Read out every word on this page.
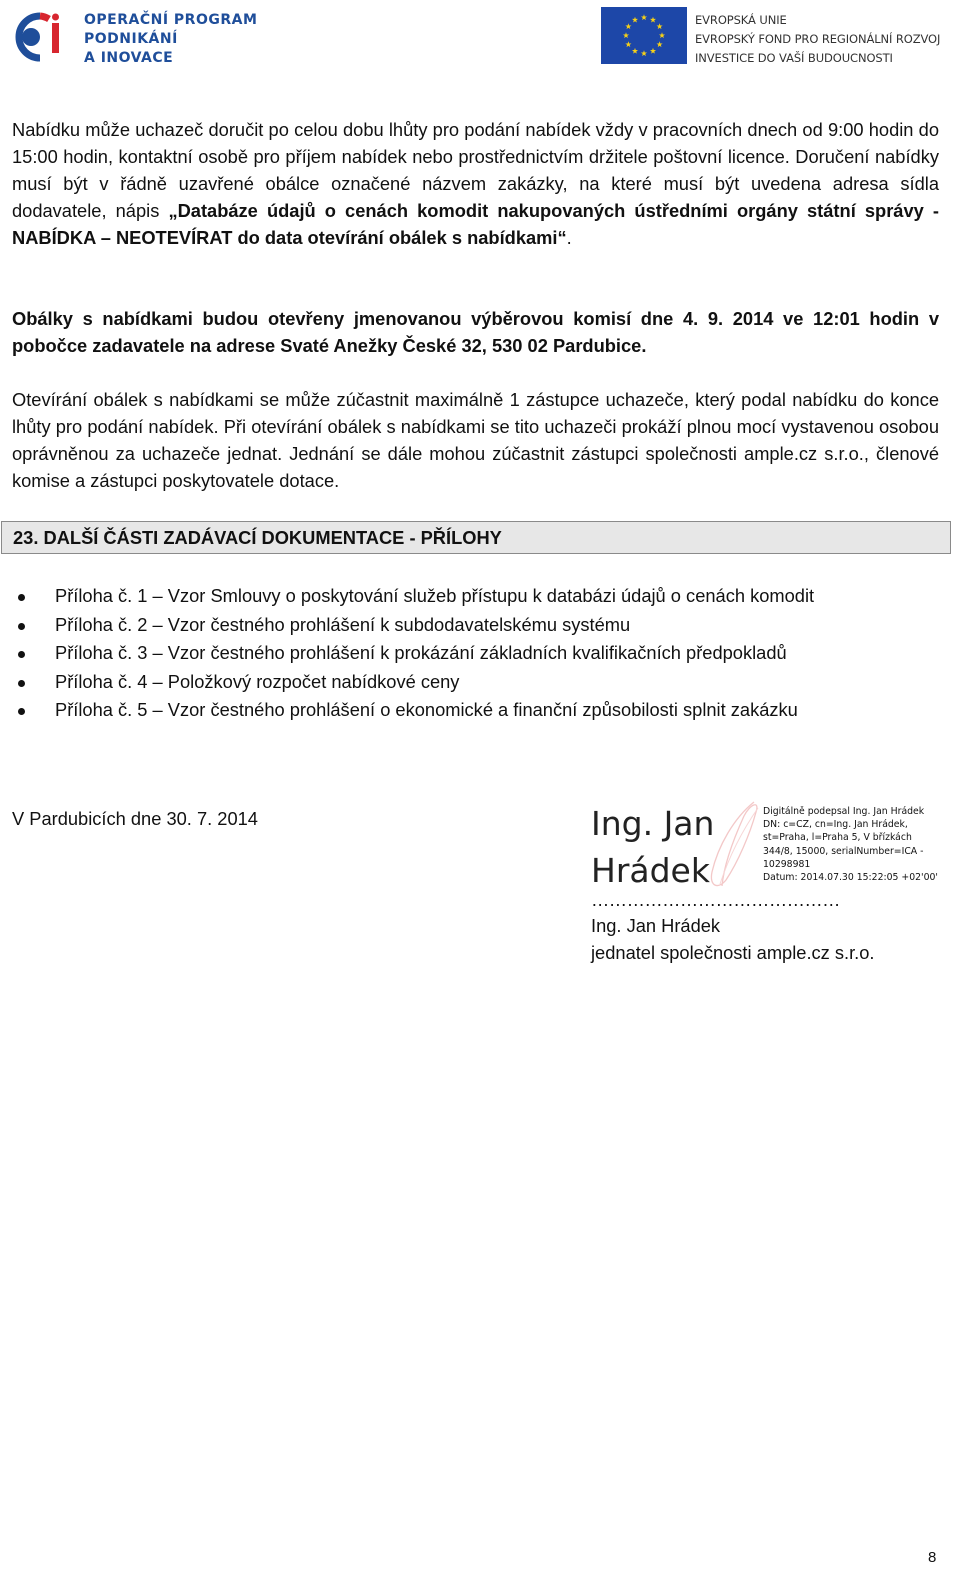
OPERAČNÍ PROGRAM
PODNIKÁNÍ
A INOVACE
EVROPSKÁ UNIE
EVROPSKÝ FOND PRO REGIONÁLNÍ ROZVOJ
INVESTICE DO VAŠÍ BUDOUCNOSTI
Nabídku může uchazeč doručit po celou dobu lhůty pro podání nabídek vždy v pracovních dnech od 9:00 hodin do 15:00 hodin, kontaktní osobě pro příjem nabídek nebo prostřednictvím držitele poštovní licence. Doručení nabídky musí být v řádně uzavřené obálce označené názvem zakázky, na které musí být uvedena adresa sídla dodavatele, nápis „Databáze údajů o cenách komodit nakupovaných ústředními orgány státní správy - NABÍDKA – NEOTEVÍRAT do data otevírání obálek s nabídkami“.
Obálky s nabídkami budou otevřeny jmenovanou výběrovou komisí dne 4. 9. 2014 ve 12:01 hodin v pobočce zadavatele na adrese Svaté Anežky České 32, 530 02 Pardubice.
Otevírání obálek s nabídkami se může zúčastnit maximálně 1 zástupce uchazeče, který podal nabídku do konce lhůty pro podání nabídek. Při otevírání obálek s nabídkami se tito uchazeči prokáží plnou mocí vystavenou osobou oprávněnou za uchazeče jednat. Jednání se dále mohou zúčastnit zástupci společnosti ample.cz s.r.o., členové komise a zástupci poskytovatele dotace.
23. DALŠÍ ČÁSTI ZADÁVACÍ DOKUMENTACE - PŘÍLOHY
Příloha č. 1 – Vzor Smlouvy o poskytování služeb přístupu k databázi údajů o cenách komodit
Příloha č. 2 – Vzor čestného prohlášení k subdodavatelskému systému
Příloha č. 3 – Vzor čestného prohlášení k prokázání základních kvalifikačních předpokladů
Příloha č. 4 – Položkový rozpočet nabídkové ceny
Příloha č. 5 – Vzor čestného prohlášení o ekonomické a finanční způsobilosti splnit zakázku
V Pardubicích dne 30. 7. 2014	Ing. Jan
Hrádek
Digitálně podepsal Ing. Jan Hrádek
DN: c=CZ, cn=Ing. Jan Hrádek,
st=Praha, l=Praha 5, V břízkách
344/8, 15000, serialNumber=ICA -
10298981
Datum: 2014.07.30 15:22:05 +02'00'
……………………………………
Ing. Jan Hrádek
jednatel společnosti ample.cz s.r.o.
8
